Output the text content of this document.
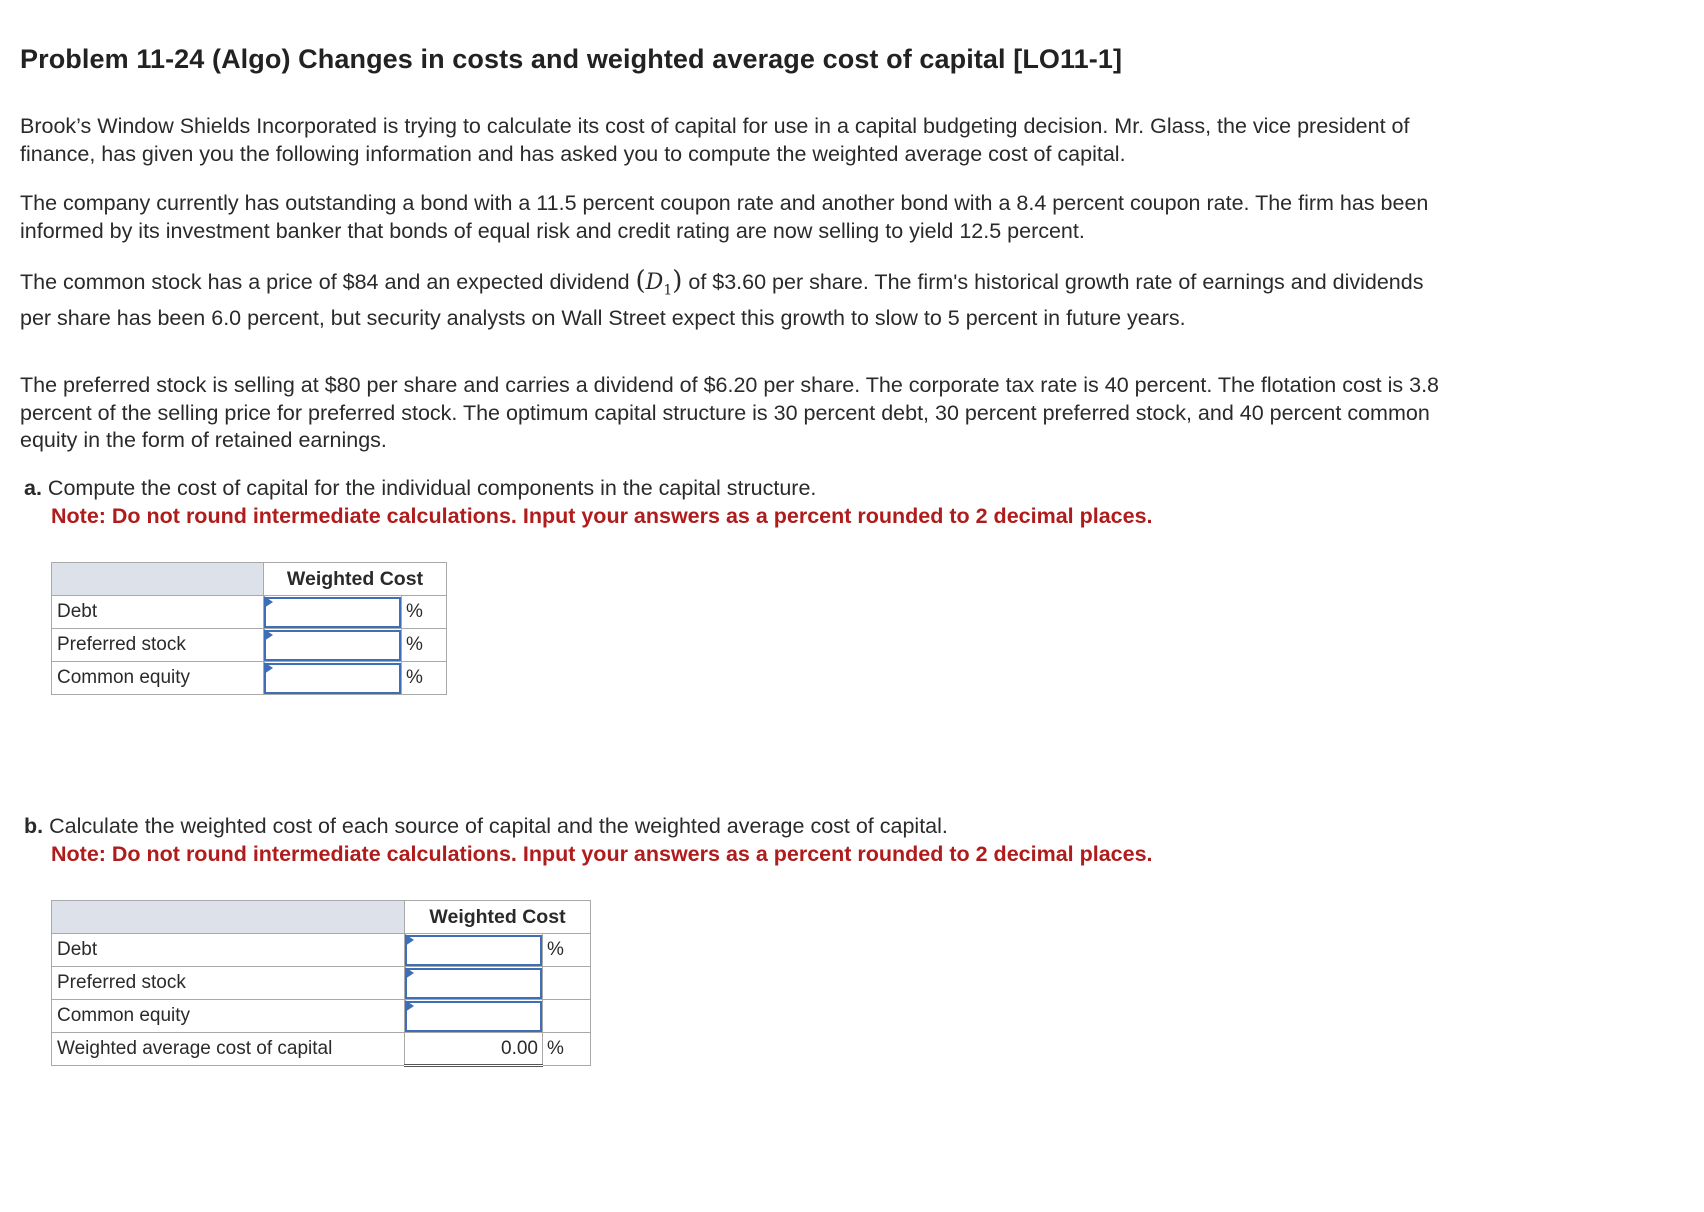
Problem 11-24 (Algo) Changes in costs and weighted average cost of capital [LO11-1]
Brook’s Window Shields Incorporated is trying to calculate its cost of capital for use in a capital budgeting decision. Mr. Glass, the vice president of finance, has given you the following information and has asked you to compute the weighted average cost of capital.
The company currently has outstanding a bond with a 11.5 percent coupon rate and another bond with a 8.4 percent coupon rate. The firm has been informed by its investment banker that bonds of equal risk and credit rating are now selling to yield 12.5 percent.
The common stock has a price of $84 and an expected dividend $(D_1)$ of $3.60 per share. The firm's historical growth rate of earnings and dividends per share has been 6.0 percent, but security analysts on Wall Street expect this growth to slow to 5 percent in future years.
The preferred stock is selling at $80 per share and carries a dividend of $6.20 per share. The corporate tax rate is 40 percent. The flotation cost is 3.8 percent of the selling price for preferred stock. The optimum capital structure is 30 percent debt, 30 percent preferred stock, and 40 percent common equity in the form of retained earnings.
a. Compute the cost of capital for the individual components in the capital structure.
Note: Do not round intermediate calculations. Input your answers as a percent rounded to 2 decimal places.
	Weighted Cost	
Debt		%
Preferred stock		%
Common equity		%
b. Calculate the weighted cost of each source of capital and the weighted average cost of capital.
Note: Do not round intermediate calculations. Input your answers as a percent rounded to 2 decimal places.
	Weighted Cost	
Debt		%
Preferred stock	

Common equity	

Weighted average cost of capital	0.00	%
